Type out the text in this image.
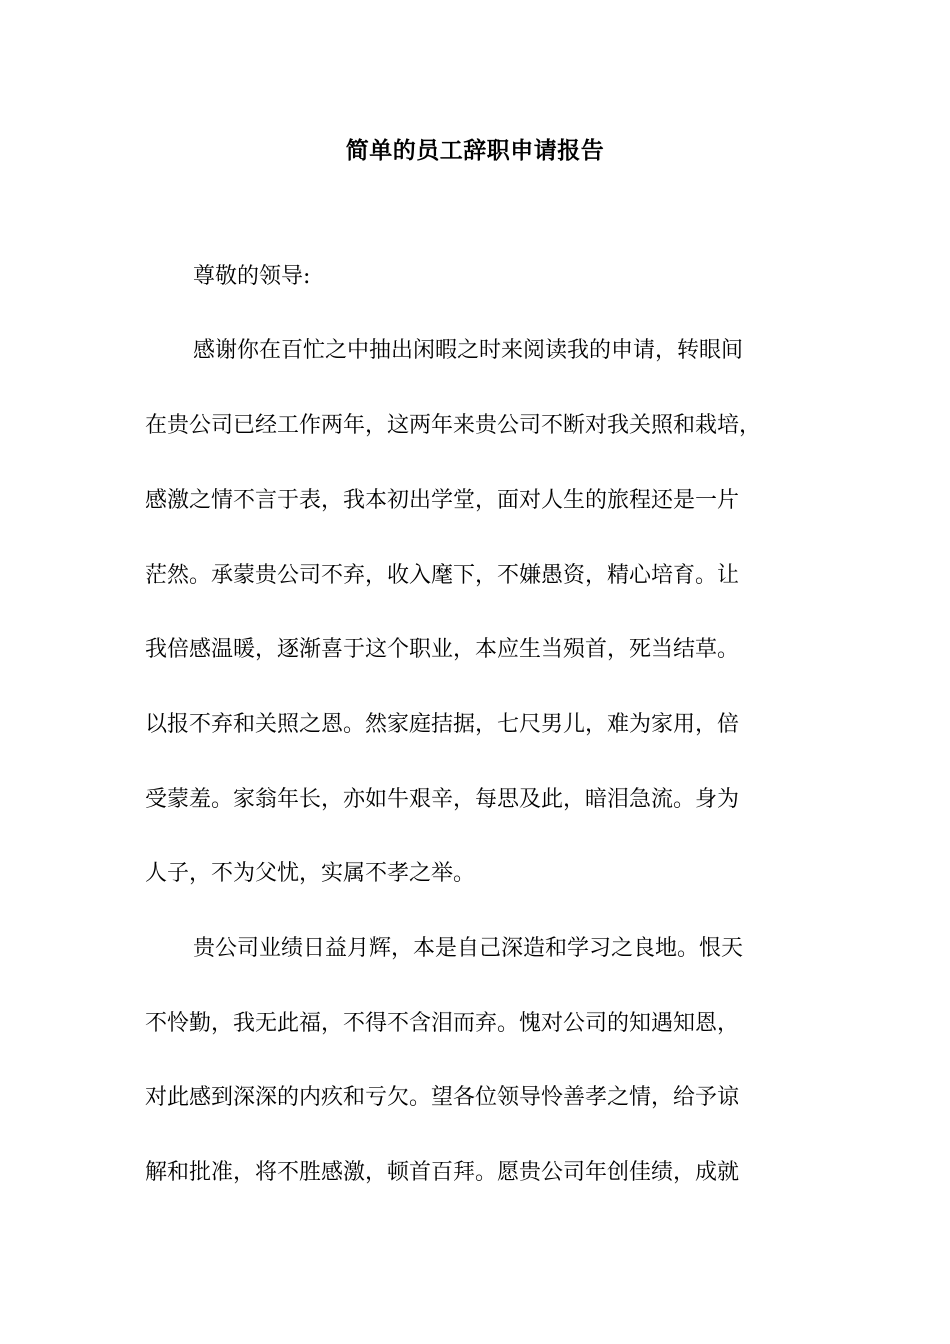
简单的员工辞职申请报告
尊敬的领导:
感谢你在百忙之中抽出闲暇之时来阅读我的申请，转眼间
在贵公司已经工作两年，这两年来贵公司不断对我关照和栽培，
感激之情不言于表，我本初出学堂，面对人生的旅程还是一片
茫然。承蒙贵公司不弃，收入麾下，不嫌愚资，精心培育。让
我倍感温暖，逐渐喜于这个职业，本应生当殒首，死当结草。
以报不弃和关照之恩。然家庭拮据，七尺男儿，难为家用，倍
受蒙羞。家翁年长，亦如牛艰辛，每思及此，暗泪急流。身为
人子，不为父忧，实属不孝之举。
贵公司业绩日益月辉，本是自己深造和学习之良地。恨天
不怜勤，我无此福，不得不含泪而弃。愧对公司的知遇知恩，
对此感到深深的内疚和亏欠。望各位领导怜善孝之情，给予谅
解和批准，将不胜感激，顿首百拜。愿贵公司年创佳绩，成就
